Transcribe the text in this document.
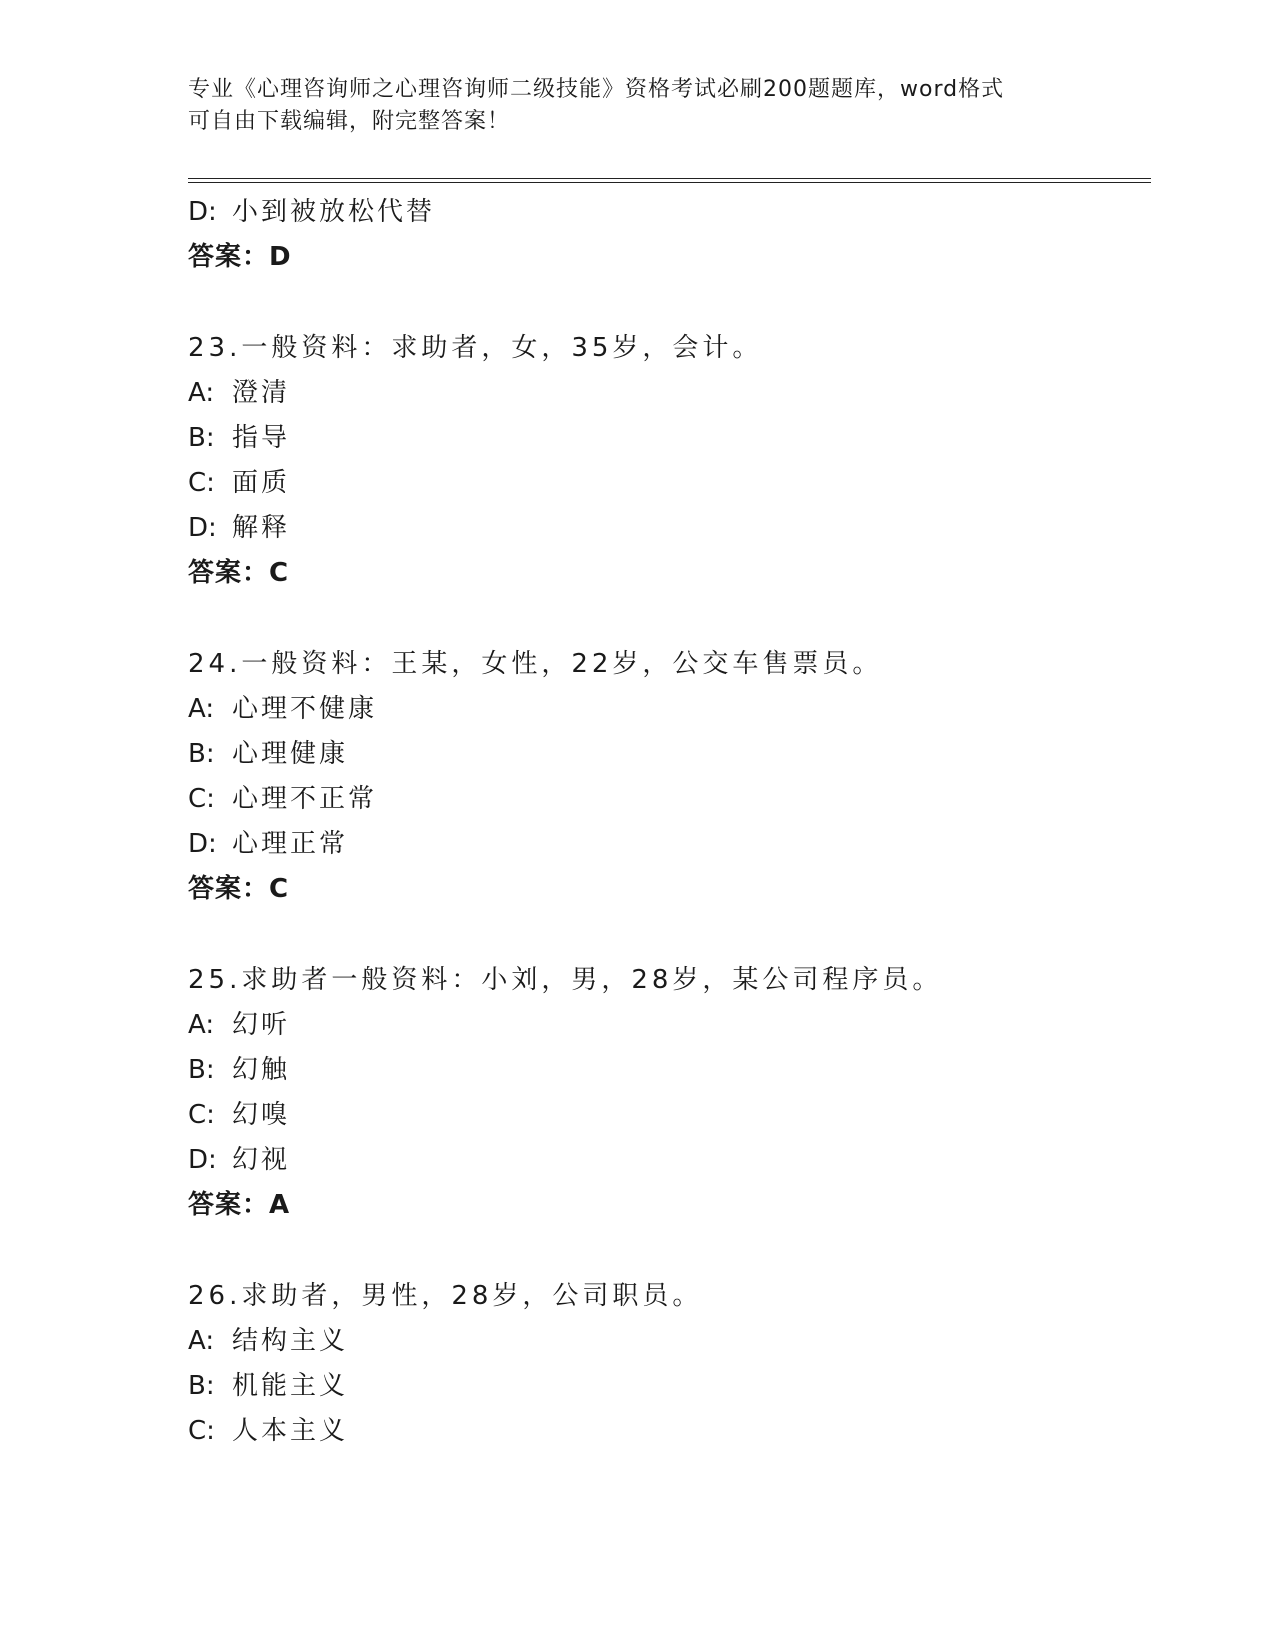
专业《心理咨询师之心理咨询师二级技能》资格考试必刷200题题库，word格式
可自由下载编辑，附完整答案！
D: 小到被放松代替
答案：D
23.一般资料：求助者，女，35岁，会计。
A: 澄清
B: 指导
C: 面质
D: 解释
答案：C
24.一般资料：王某，女性，22岁，公交车售票员。
A: 心理不健康
B: 心理健康
C: 心理不正常
D: 心理正常
答案：C
25.求助者一般资料：小刘，男，28岁，某公司程序员。
A: 幻听
B: 幻触
C: 幻嗅
D: 幻视
答案：A
26.求助者，男性，28岁，公司职员。
A: 结构主义
B: 机能主义
C: 人本主义
